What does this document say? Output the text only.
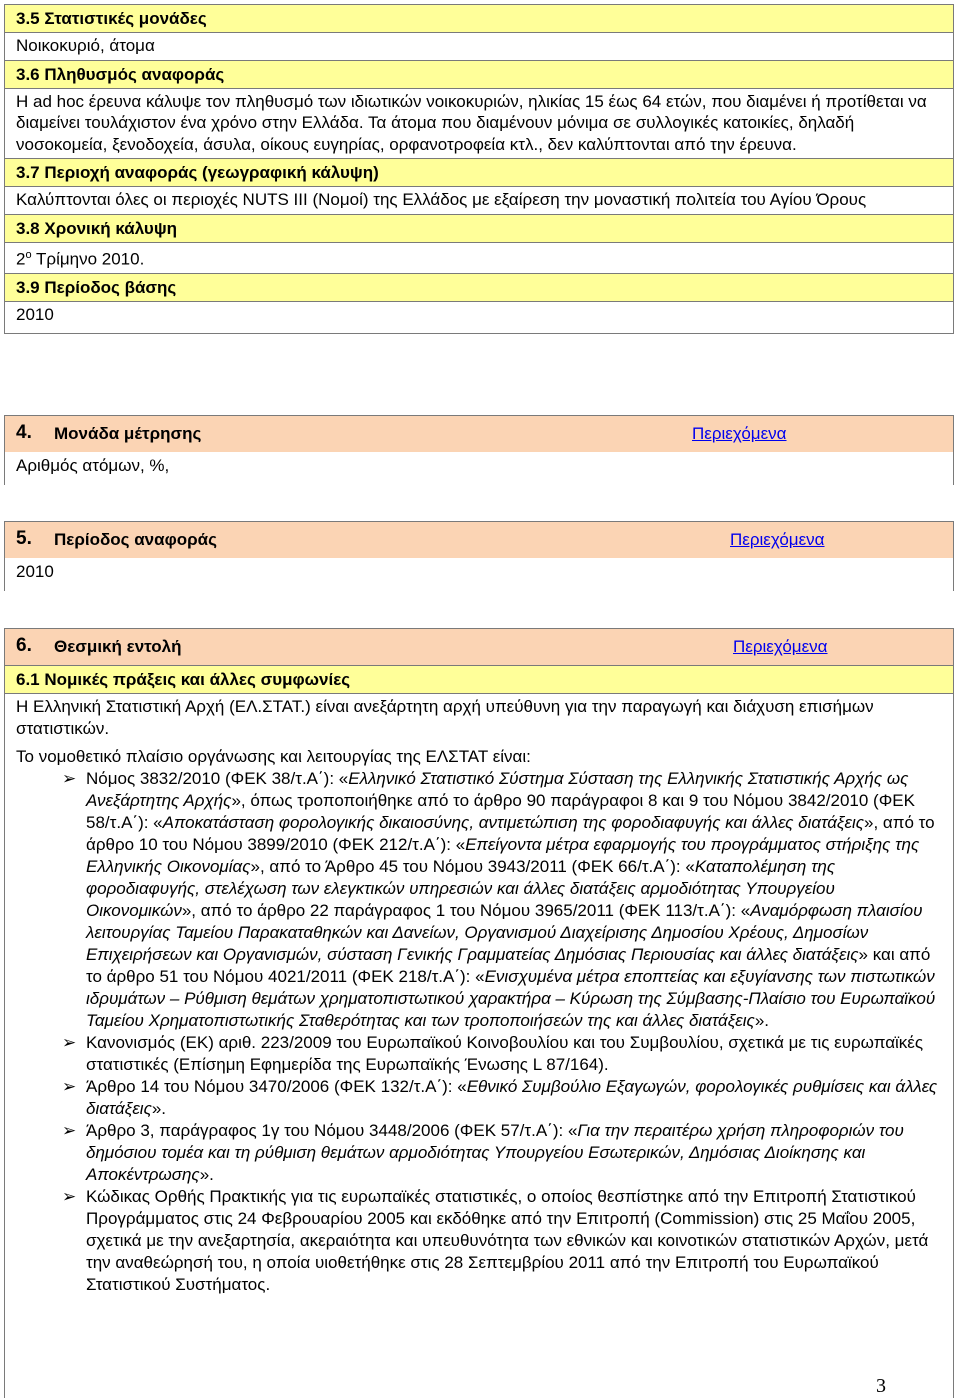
3.5 Στατιστικές μονάδες
Νοικοκυριό, άτομα
3.6 Πληθυσμός αναφοράς
Η ad hoc έρευνα κάλυψε τον πληθυσμό των ιδιωτικών νοικοκυριών, ηλικίας 15 έως 64 ετών, που διαμένει ή προτίθεται να διαμείνει τουλάχιστον ένα χρόνο στην Ελλάδα. Τα άτομα που διαμένουν μόνιμα σε συλλογικές κατοικίες, δηλαδή νοσοκομεία, ξενοδοχεία, άσυλα, οίκους ευγηρίας, ορφανοτροφεία κτλ., δεν καλύπτονται από την έρευνα.
3.7 Περιοχή αναφοράς (γεωγραφική κάλυψη)
Καλύπτονται όλες οι περιοχές NUTS III (Νομοί) της Ελλάδος με εξαίρεση την μοναστική πολιτεία του Αγίου Όρους
3.8 Χρονική κάλυψη
$2^o$ Τρίμηνο 2010.
3.9 Περίοδος βάσης
2010
4. Μονάδα μέτρησης	Περιεχόμενα
Αριθμός ατόμων, %,
5. Περίοδος αναφοράς	Περιεχόμενα
2010
6. Θεσμική εντολή	Περιεχόμενα
6.1 Νομικές πράξεις και άλλες συμφωνίες
Η Ελληνική Στατιστική Αρχή (ΕΛ.ΣΤΑΤ.) είναι ανεξάρτητη αρχή υπεύθυνη για την παραγωγή και διάχυση επισήμων στατιστικών.
Το νομοθετικό πλαίσιο οργάνωσης και λειτουργίας της ΕΛΣΤΑΤ είναι:
➢ Νόμος 3832/2010 (ΦΕΚ 38/τ.Α΄): «Ελληνικό Στατιστικό Σύστημα Σύσταση της Ελληνικής Στατιστικής Αρχής ως Ανεξάρτητης Αρχής», όπως τροποποιήθηκε από το άρθρο 90 παράγραφοι 8 και 9 του Νόμου 3842/2010 (ΦΕΚ 58/τ.Α΄): «Αποκατάσταση φορολογικής δικαιοσύνης, αντιμετώπιση της φοροδιαφυγής και άλλες διατάξεις», από το άρθρο 10 του Νόμου 3899/2010 (ΦΕΚ 212/τ.Α΄): «Επείγοντα μέτρα εφαρμογής του προγράμματος στήριξης της Ελληνικής Οικονομίας», από το Άρθρο 45 του Νόμου 3943/2011 (ΦΕΚ 66/τ.Α΄): «Καταπολέμηση της φοροδιαφυγής, στελέχωση των ελεγκτικών υπηρεσιών και άλλες διατάξεις αρμοδιότητας Υπουργείου Οικονομικών», από το άρθρο 22 παράγραφος 1 του Νόμου 3965/2011 (ΦΕΚ 113/τ.Α΄): «Αναμόρφωση πλαισίου λειτουργίας Ταμείου Παρακαταθηκών και Δανείων, Οργανισμού Διαχείρισης Δημοσίου Χρέους, Δημοσίων Επιχειρήσεων και Οργανισμών, σύσταση Γενικής Γραμματείας Δημόσιας Περιουσίας και άλλες διατάξεις» και από το άρθρο 51 του Νόμου 4021/2011 (ΦΕΚ 218/τ.Α΄): «Ενισχυμένα μέτρα εποπτείας και εξυγίανσης των πιστωτικών ιδρυμάτων – Ρύθμιση θεμάτων χρηματοπιστωτικού χαρακτήρα – Κύρωση της Σύμβασης-Πλαίσιο του Ευρωπαϊκού Ταμείου Χρηματοπιστωτικής Σταθερότητας και των τροποποιήσεών της και άλλες διατάξεις».
➢ Κανονισμός (ΕΚ) αριθ. 223/2009 του Ευρωπαϊκού Κοινοβουλίου και του Συμβουλίου, σχετικά με τις ευρωπαϊκές στατιστικές (Επίσημη Εφημερίδα της Ευρωπαϊκής Ένωσης L 87/164).
➢ Άρθρο 14 του Νόμου 3470/2006 (ΦΕΚ 132/τ.Α΄): «Εθνικό Συμβούλιο Εξαγωγών, φορολογικές ρυθμίσεις και άλλες διατάξεις».
➢ Άρθρο 3, παράγραφος 1γ του Νόμου 3448/2006 (ΦΕΚ 57/τ.Α΄): «Για την περαιτέρω χρήση πληροφοριών του δημόσιου τομέα και τη ρύθμιση θεμάτων αρμοδιότητας Υπουργείου Εσωτερικών, Δημόσιας Διοίκησης και Αποκέντρωσης».
➢ Κώδικας Ορθής Πρακτικής για τις ευρωπαϊκές στατιστικές, ο οποίος θεσπίστηκε από την Επιτροπή Στατιστικού Προγράμματος στις 24 Φεβρουαρίου 2005 και εκδόθηκε από την Επιτροπή (Commission) στις 25 Μαΐου 2005, σχετικά με την ανεξαρτησία, ακεραιότητα και υπευθυνότητα των εθνικών και κοινοτικών στατιστικών Αρχών, μετά την αναθεώρησή του, η οποία υιοθετήθηκε στις 28 Σεπτεμβρίου 2011 από την Επιτροπή του Ευρωπαϊκού Στατιστικού Συστήματος.
3
